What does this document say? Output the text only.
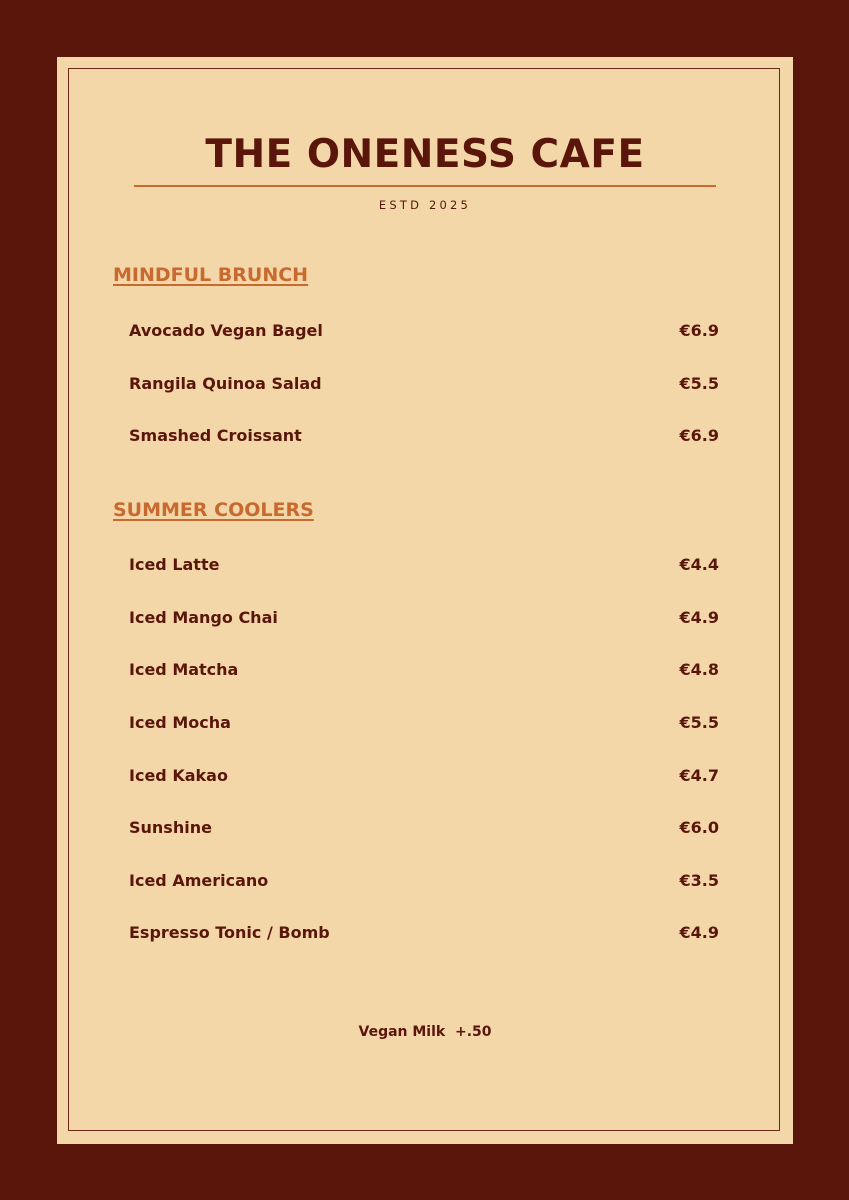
THE ONENESS CAFE
ESTD 2025
MINDFUL BRUNCH
Avocado Vegan Bagel	€6.9
Rangila Quinoa Salad	€5.5
Smashed Croissant	€6.9
SUMMER COOLERS
Iced Latte	€4.4
Iced Mango Chai	€4.9
Iced Matcha	€4.8
Iced Mocha	€5.5
Iced Kakao	€4.7
Sunshine	€6.0
Iced Americano	€3.5
Espresso Tonic / Bomb	€4.9
Vegan Milk  +.50
